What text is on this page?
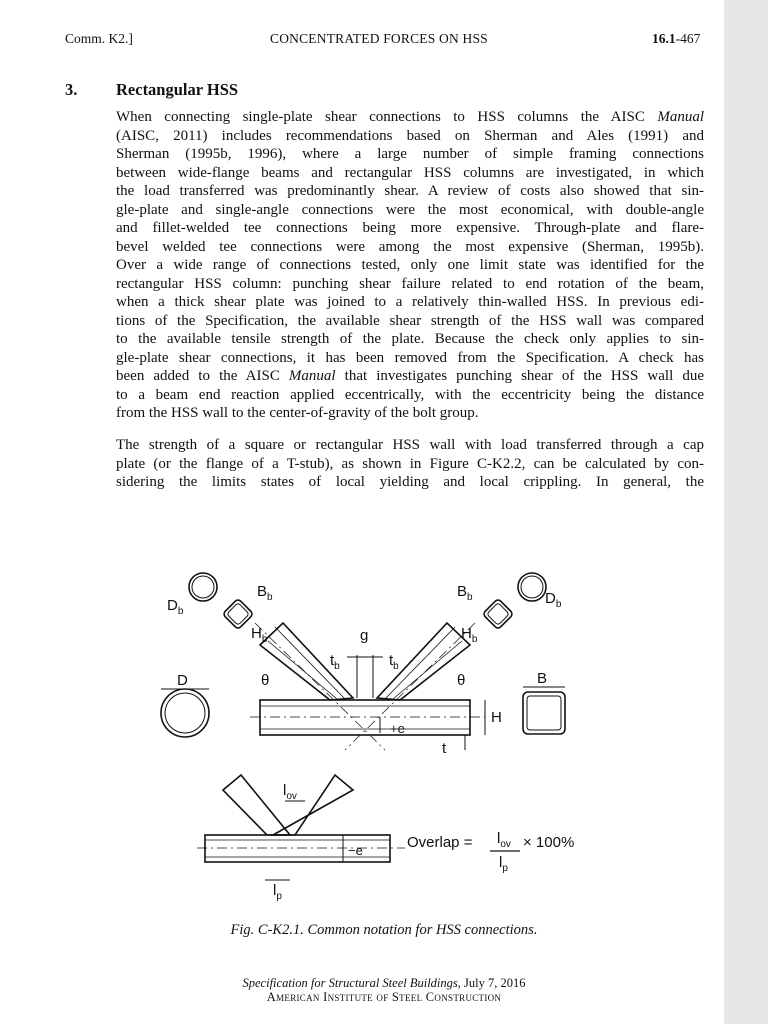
Comm. K2.]	CONCENTRATED FORCES ON HSS	16.1-467
3. Rectangular HSS
When connecting single-plate shear connections to HSS columns the AISC Manual
(AISC, 2011) includes recommendations based on Sherman and Ales (1991) and
Sherman (1995b, 1996), where a large number of simple framing connections
between wide-flange beams and rectangular HSS columns are investigated, in which
the load transferred was predominantly shear. A review of costs also showed that sin-
gle-plate and single-angle connections were the most economical, with double-angle
and fillet-welded tee connections being more expensive. Through-plate and flare-
bevel welded tee connections were among the most expensive (Sherman, 1995b).
Over a wide range of connections tested, only one limit state was identified for the
rectangular HSS column: punching shear failure related to end rotation of the beam,
when a thick shear plate was joined to a relatively thin-walled HSS. In previous edi-
tions of the Specification, the available shear strength of the HSS wall was compared
to the available tensile strength of the plate. Because the check only applies to sin-
gle-plate shear connections, it has been removed from the Specification. A check has
been added to the AISC Manual that investigates punching shear of the HSS wall due
to a beam end reaction applied eccentrically, with the eccentricity being the distance
from the HSS wall to the center-of-gravity of the bolt group.
The strength of a square or rectangular HSS wall with load transferred through a cap
plate (or the flange of a T-stub), as shown in Figure C-K2.2, can be calculated by con-
sidering the limits states of local yielding and local crippling. In general, the
$D_b$
$D_b$
$B_b$	$B_b$
$H_b$	$H_b$
g
$t_b$	$t_b$
θ	θ
D	B
H
t
+e
$l_{ov}$
−e
$l_p$
Overlap = $l_{ov}$
$l_p$
× 100%
Fig. C-K2.1. Common notation for HSS connections.
Specification for Structural Steel Buildings, July 7, 2016
American Institute of Steel Construction
